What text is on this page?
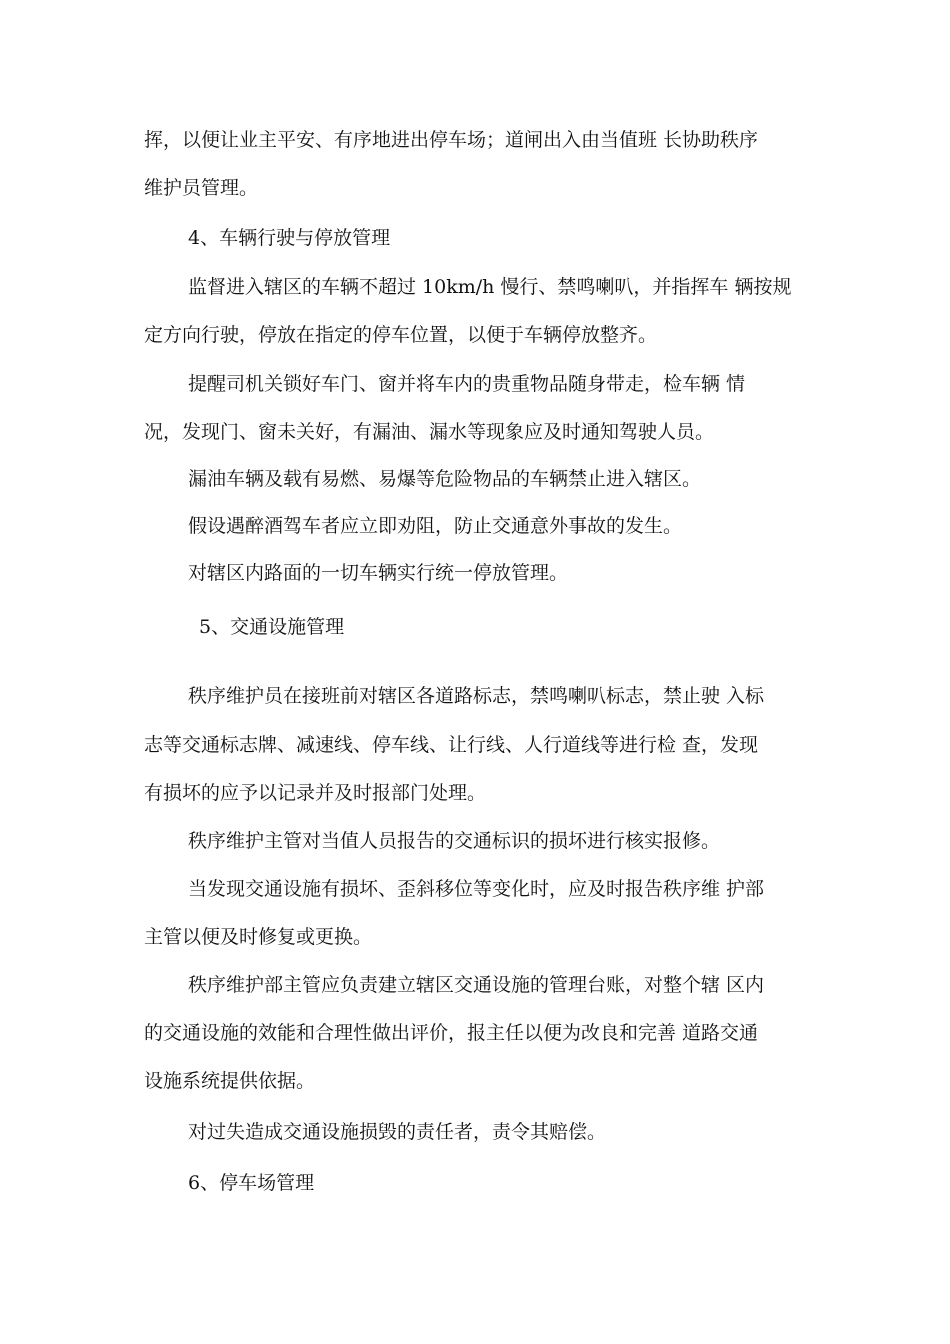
挥，以便让业主平安、有序地进出停车场；道闸出入由当值班 长协助秩序
维护员管理。
4、车辆行驶与停放管理
监督进入辖区的车辆不超过 10km/h 慢行、禁鸣喇叭，并指挥车 辆按规
定方向行驶，停放在指定的停车位置，以便于车辆停放整齐。
提醒司机关锁好车门、窗并将车内的贵重物品随身带走，检车辆 情
况，发现门、窗未关好，有漏油、漏水等现象应及时通知驾驶人员。
漏油车辆及载有易燃、易爆等危险物品的车辆禁止进入辖区。
假设遇醉酒驾车者应立即劝阻，防止交通意外事故的发生。
对辖区内路面的一切车辆实行统一停放管理。
5、交通设施管理
秩序维护员在接班前对辖区各道路标志，禁鸣喇叭标志，禁止驶 入标
志等交通标志牌、减速线、停车线、让行线、人行道线等进行检 查，发现
有损坏的应予以记录并及时报部门处理。
秩序维护主管对当值人员报告的交通标识的损坏进行核实报修。
当发现交通设施有损坏、歪斜移位等变化时，应及时报告秩序维 护部
主管以便及时修复或更换。
秩序维护部主管应负责建立辖区交通设施的管理台账，对整个辖 区内
的交通设施的效能和合理性做出评价，报主任以便为改良和完善 道路交通
设施系统提供依据。
对过失造成交通设施损毁的责任者，责令其赔偿。
6、停车场管理
